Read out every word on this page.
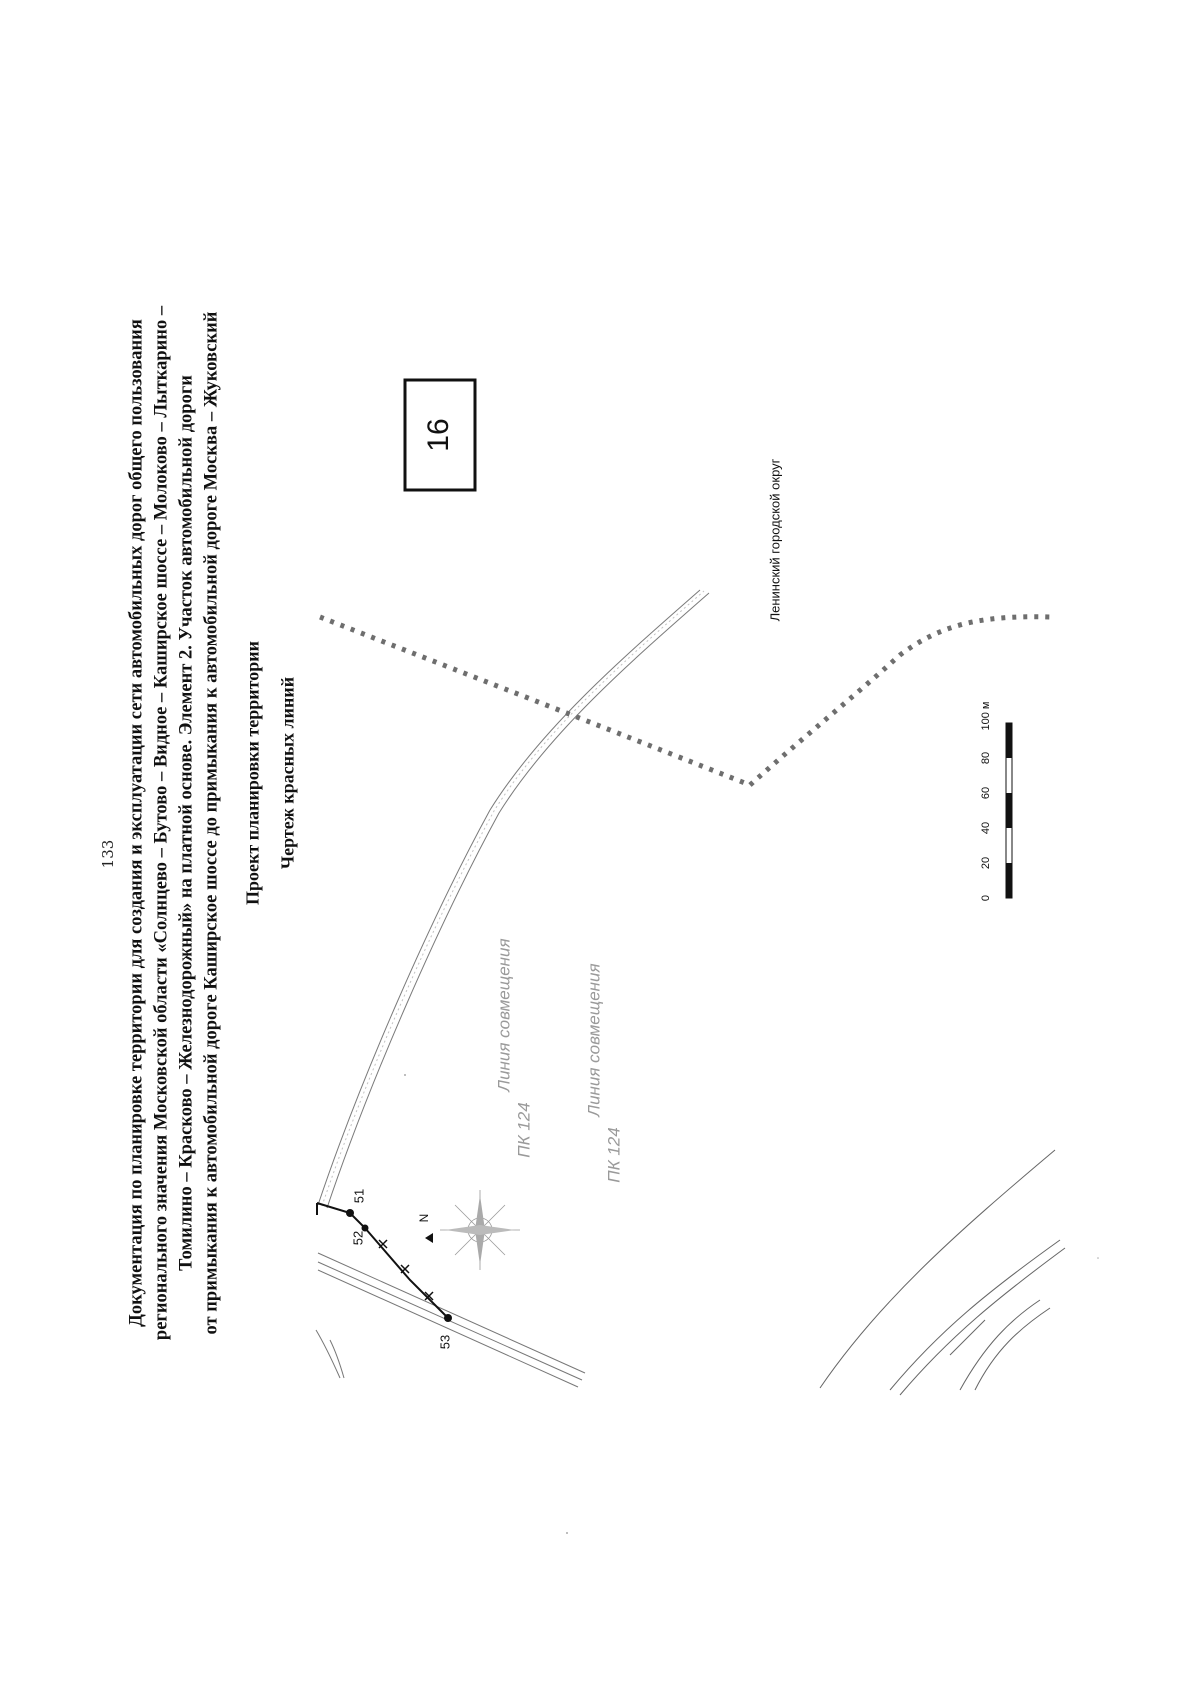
133 Документация по планировке территории для создания и эксплуатации сети автомобильных дорог общего пользования регионального значения Московской области «Солнцево – Бутово – Видное – Каширское шоссе – Молоково – Лыткарино – Томилино – Красково – Железнодорожный» на платной основе. Элемент 2. Участок автомобильной дороги от примыкания к автомобильной дороге Каширское шоссе до примыкания к автомобильной дороге Москва – Жуковский Проект планировки территории Чертеж красных линий
16
51
52
53
N
Линия совмещения
ПК 124
Линия совмещения
ПК 124
Ленинский городской округ
0
20
40
60
80
100 м
